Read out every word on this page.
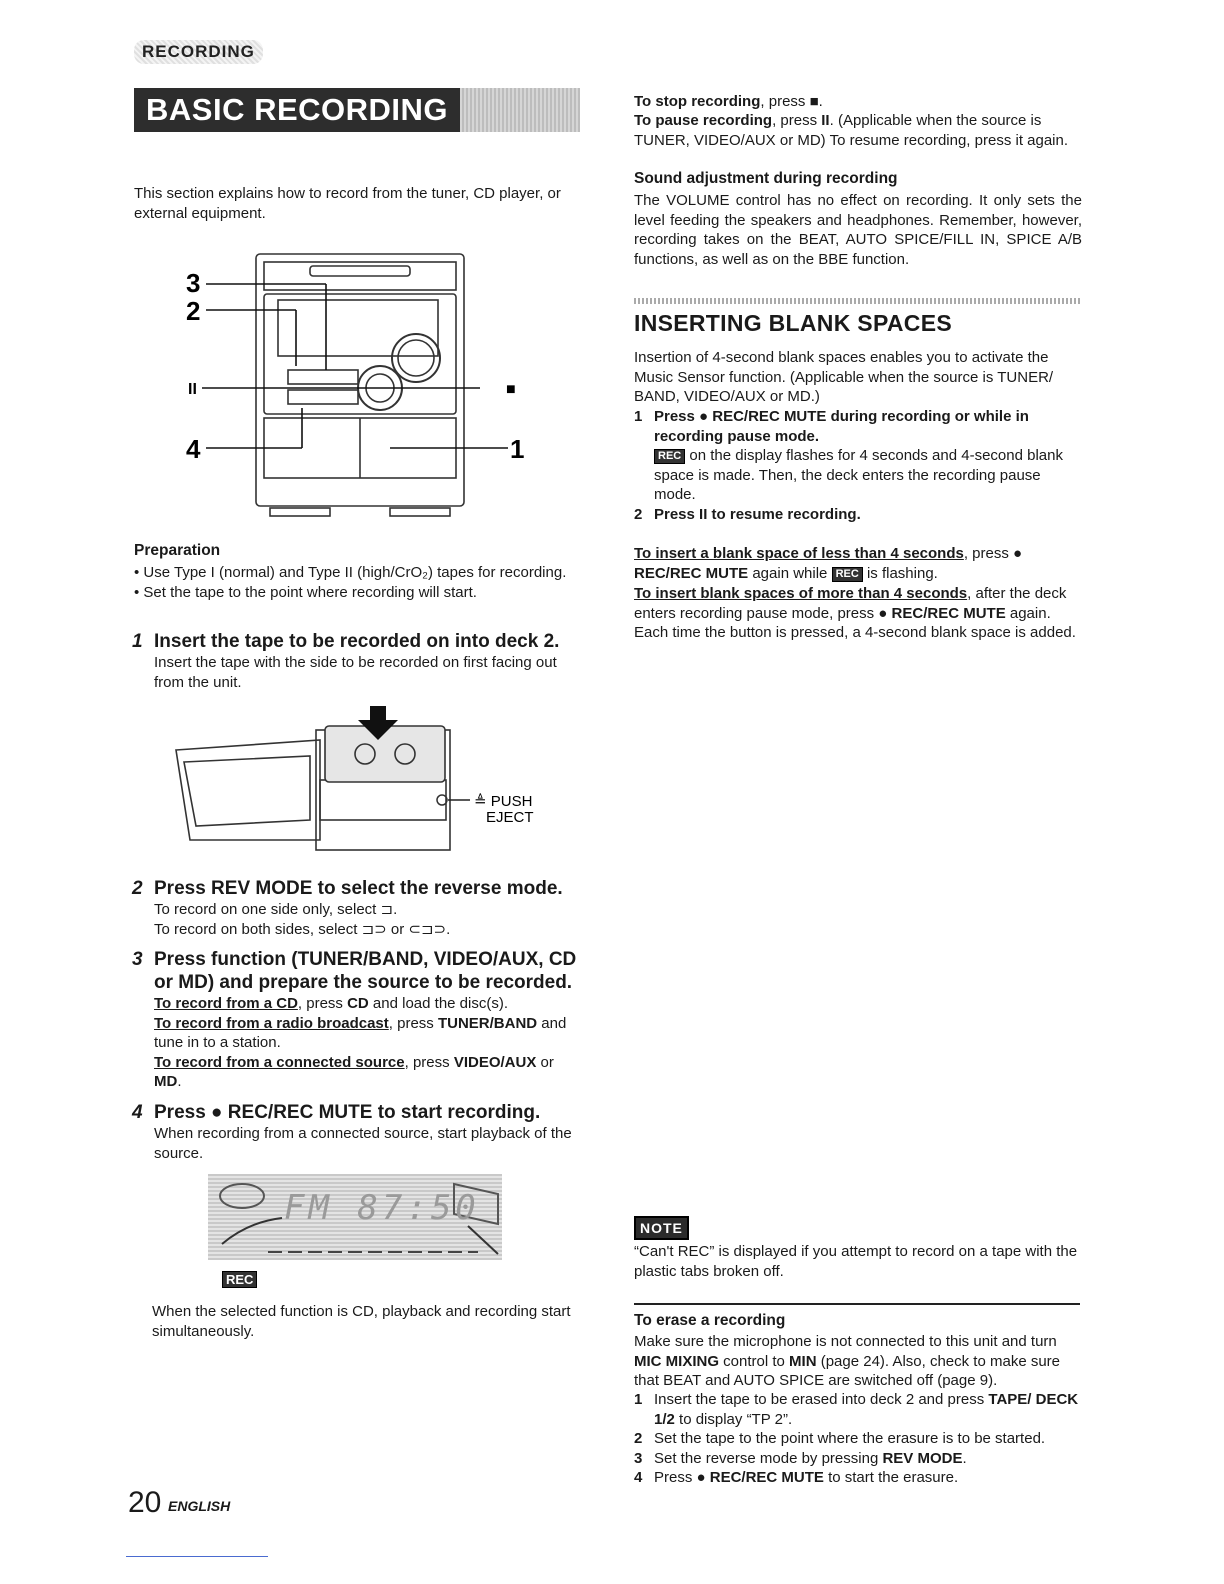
RECORDING
BASIC RECORDING
This section explains how to record from the tuner, CD player, or external equipment.
3
2
II
4
■
1
Preparation
• Use Type I (normal) and Type II (high/CrO₂) tapes for recording.
• Set the tape to the point where recording will start.
1 Insert the tape to be recorded on into deck 2.
Insert the tape with the side to be recorded on first facing out from the unit.
≜ PUSH
EJECT
2 Press REV MODE to select the reverse mode.
To record on one side only, select ⊐.
To record on both sides, select ⊐⊃ or ⊂⊐⊃.
3 Press function (TUNER/BAND, VIDEO/AUX, CD or MD) and prepare the source to be recorded.
To record from a CD, press CD and load the disc(s).
To record from a radio broadcast, press TUNER/BAND and tune in to a station.
To record from a connected source, press VIDEO/AUX or MD.
4 Press ● REC/REC MUTE to start recording.
When recording from a connected source, start playback of the source.
FM 87:50
REC
When the selected function is CD, playback and recording start simultaneously.
To stop recording, press ■.
To pause recording, press II. (Applicable when the source is TUNER, VIDEO/AUX or MD) To resume recording, press it again.
Sound adjustment during recording
The VOLUME control has no effect on recording. It only sets the level feeding the speakers and headphones. Remember, however, recording takes on the BEAT, AUTO SPICE/FILL IN, SPICE A/B functions, as well as on the BBE function.
INSERTING BLANK SPACES
Insertion of 4-second blank spaces enables you to activate the Music Sensor function. (Applicable when the source is TUNER/ BAND, VIDEO/AUX or MD.)
1 Press ● REC/REC MUTE during recording or while in recording pause mode.
REC on the display flashes for 4 seconds and 4-second blank space is made. Then, the deck enters the recording pause mode.
2 Press II to resume recording.
To insert a blank space of less than 4 seconds, press ● REC/REC MUTE again while REC is flashing.
To insert blank spaces of more than 4 seconds, after the deck enters recording pause mode, press ● REC/REC MUTE again.
Each time the button is pressed, a 4-second blank space is added.
NOTE
“Can't REC” is displayed if you attempt to record on a tape with the plastic tabs broken off.
To erase a recording
Make sure the microphone is not connected to this unit and turn MIC MIXING control to MIN (page 24). Also, check to make sure that BEAT and AUTO SPICE are switched off (page 9).
1 Insert the tape to be erased into deck 2 and press TAPE/ DECK 1/2 to display “TP 2”.
2 Set the tape to the point where the erasure is to be started.
3 Set the reverse mode by pressing REV MODE.
4 Press ● REC/REC MUTE to start the erasure.
20 ENGLISH
